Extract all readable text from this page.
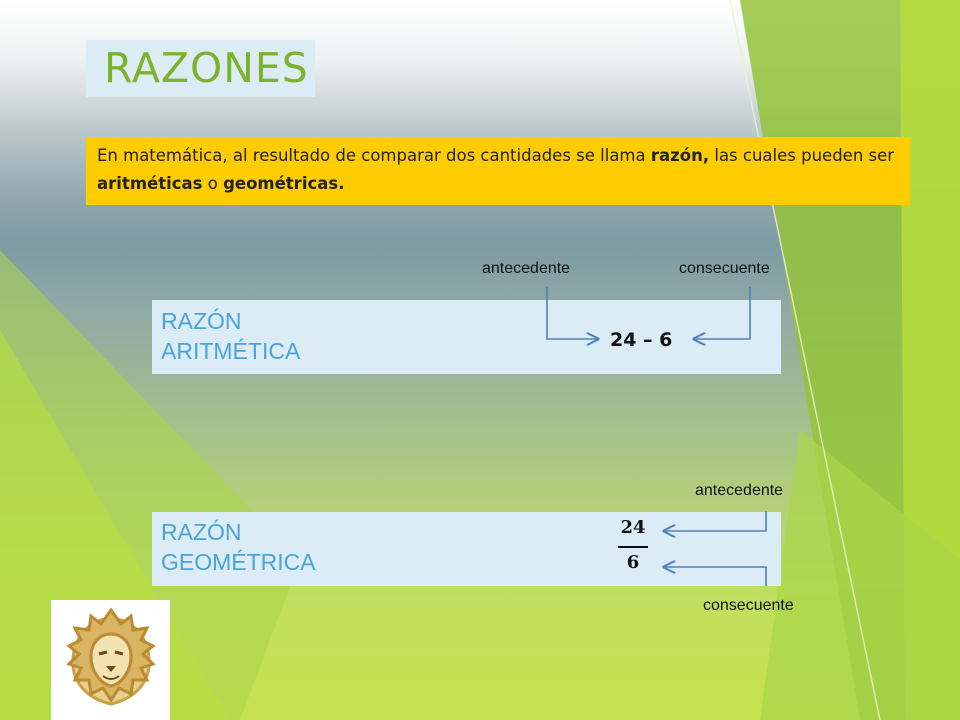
RAZONES
En matemática, al resultado de comparar dos cantidades se llama razón, las cuales pueden ser aritméticas o geométricas.
antecedente	consecuente
RAZÓN
ARITMÉTICA	24 – 6
antecedente
RAZÓN
GEOMÉTRICA
24
6
consecuente
